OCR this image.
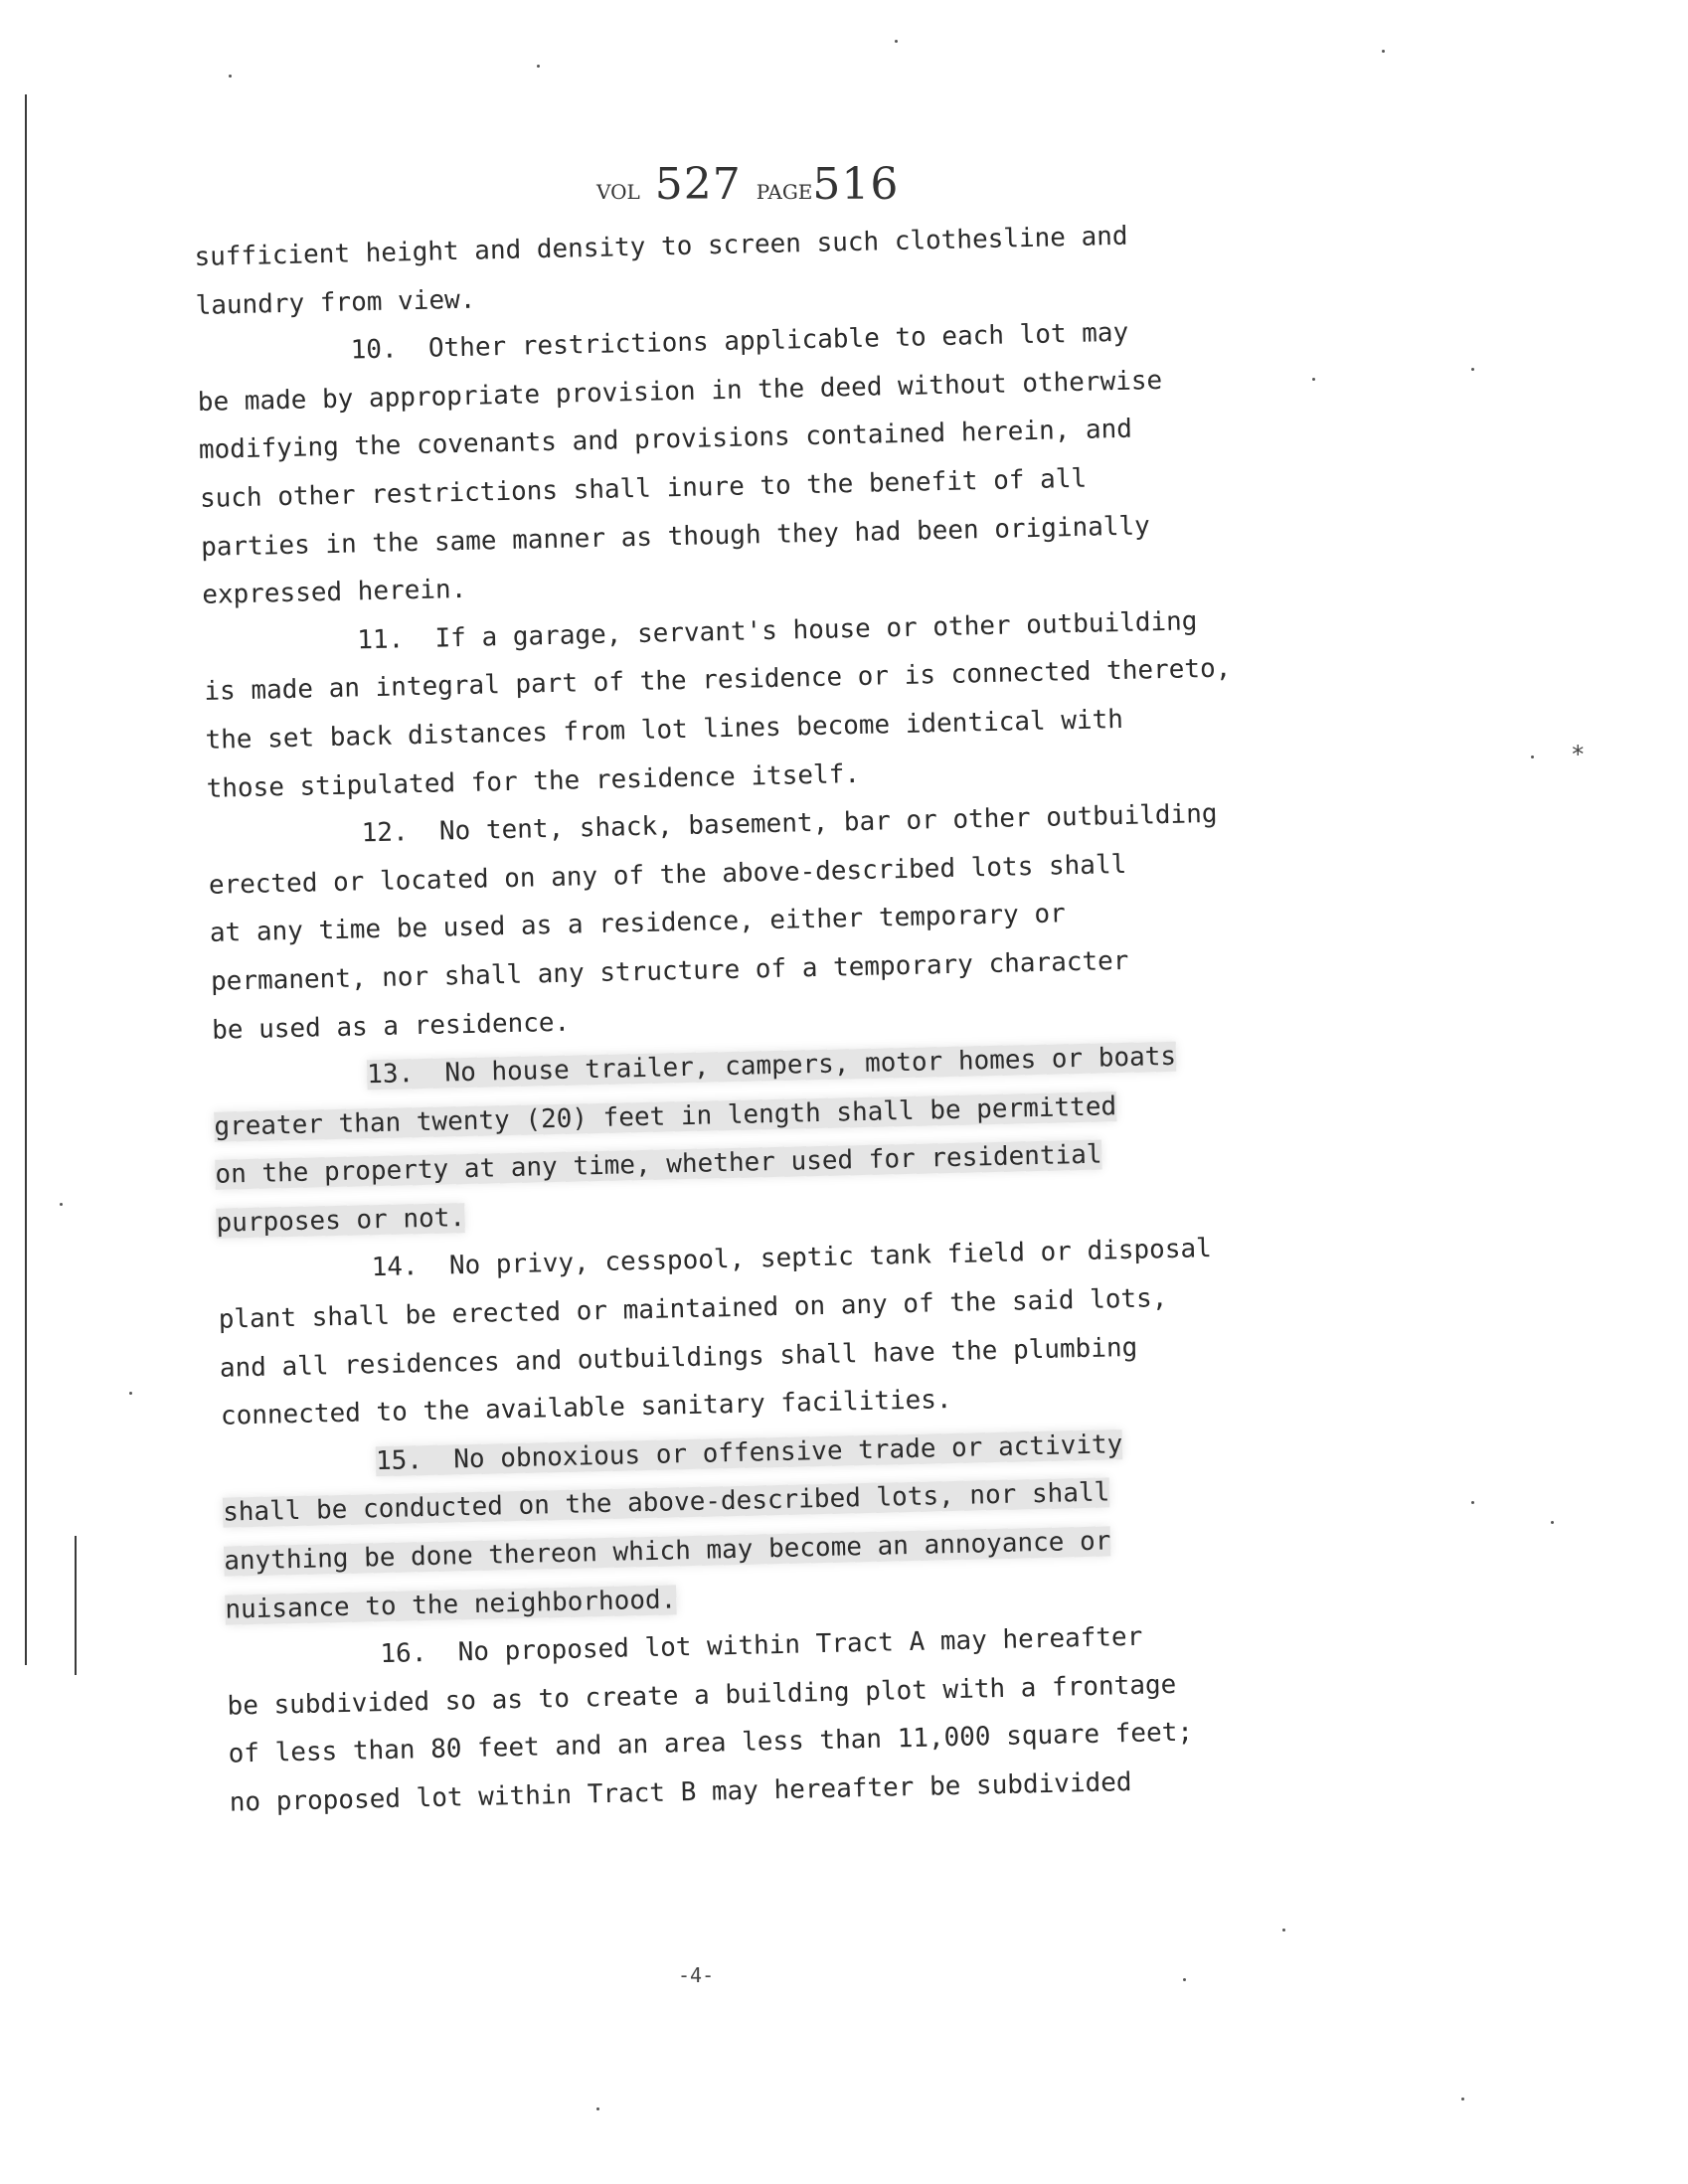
VOL 527 PAGE516
sufficient height and density to screen such clothesline and
laundry from view.
10.  Other restrictions applicable to each lot may
be made by appropriate provision in the deed without otherwise
modifying the covenants and provisions contained herein, and
such other restrictions shall inure to the benefit of all
parties in the same manner as though they had been originally
expressed herein.
11.  If a garage, servant's house or other outbuilding
is made an integral part of the residence or is connected thereto,
the set back distances from lot lines become identical with
those stipulated for the residence itself.
12.  No tent, shack, basement, bar or other outbuilding
erected or located on any of the above-described lots shall
at any time be used as a residence, either temporary or
permanent, nor shall any structure of a temporary character
be used as a residence.
13.  No house trailer, campers, motor homes or boats
greater than twenty (20) feet in length shall be permitted
on the property at any time, whether used for residential
purposes or not.
14.  No privy, cesspool, septic tank field or disposal
plant shall be erected or maintained on any of the said lots,
and all residences and outbuildings shall have the plumbing
connected to the available sanitary facilities.
15.  No obnoxious or offensive trade or activity
shall be conducted on the above-described lots, nor shall
anything be done thereon which may become an annoyance or
nuisance to the neighborhood.
16.  No proposed lot within Tract A may hereafter
be subdivided so as to create a building plot with a frontage
of less than 80 feet and an area less than 11,000 square feet;
no proposed lot within Tract B may hereafter be subdivided
*
-4-
